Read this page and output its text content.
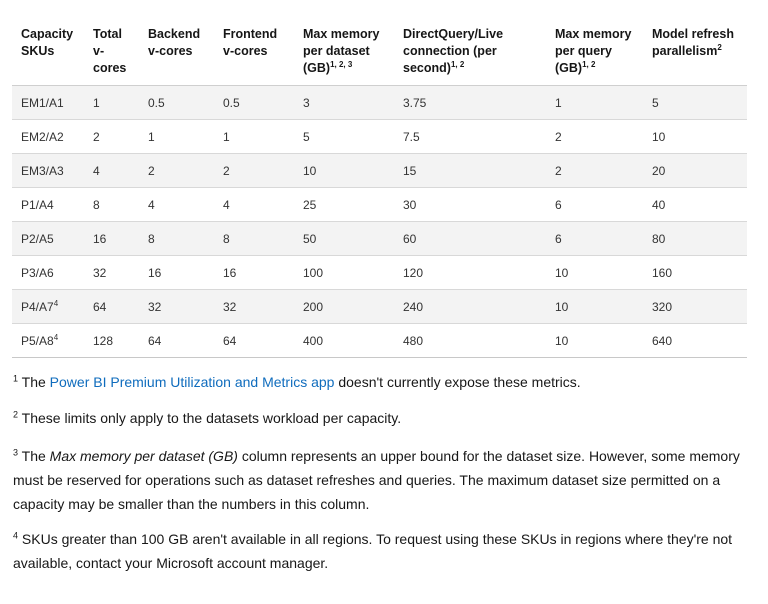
Capacity
SKUs	Total
v-
cores	Backend
v-cores	Frontend
v-cores	Max memory
per dataset
(GB)$^{1, 2, 3}$	DirectQuery/Live
connection (per
second)$^{1, 2}$	Max memory
per query
(GB)$^{1, 2}$	Model refresh
parallelism$^2$

EM1/A1	1	0.5	0.5	3	3.75	1	5
EM2/A2	2	1	1	5	7.5	2	10
EM3/A3	4	2	2	10	15	2	20
P1/A4	8	4	4	25	30	6	40
P2/A5	16	8	8	50	60	6	80
P3/A6	32	16	16	100	120	10	160
$P4/A7^4$	64	32	32	200	240	10	320
$P5/A8^4$	128	64	64	400	480	10	640

$^1$ The Power BI Premium Utilization and Metrics app doesn't currently expose these metrics.

$^2$ These limits only apply to the datasets workload per capacity.

$^3$ The Max memory per dataset (GB) column represents an upper bound for the dataset size. However, some memory must be reserved for operations such as dataset refreshes and queries. The maximum dataset size permitted on a capacity may be smaller than the numbers in this column.

$^4$ SKUs greater than 100 GB aren't available in all regions. To request using these SKUs in regions where they're not available, contact your Microsoft account manager.
